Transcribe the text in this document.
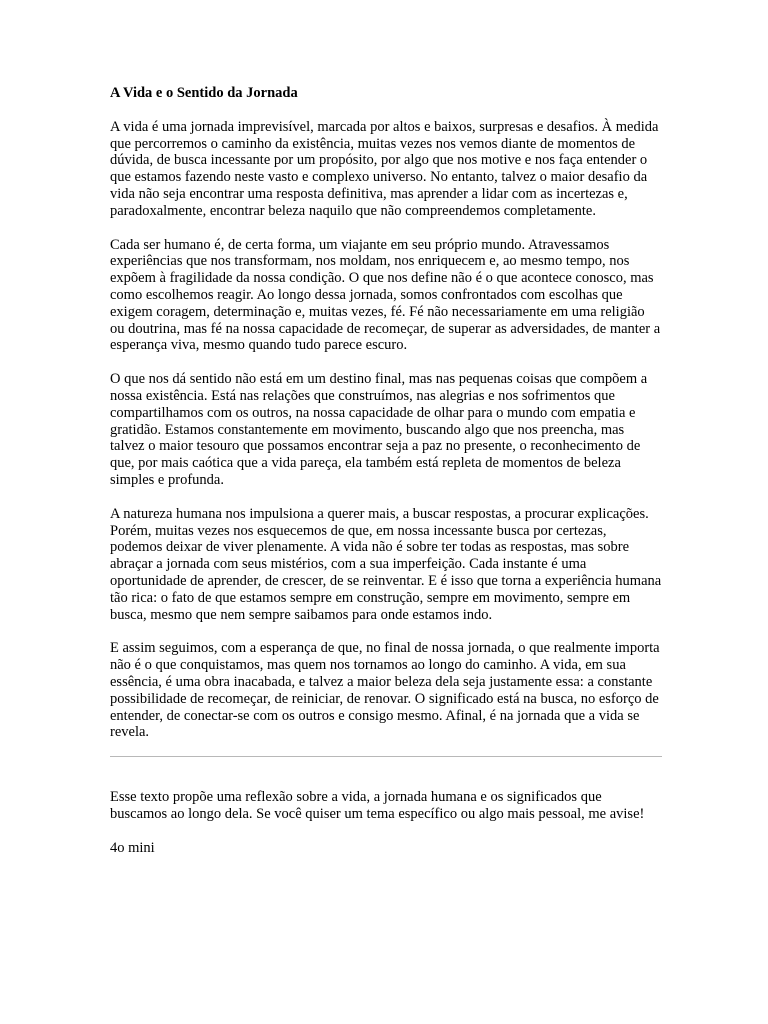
A Vida e o Sentido da Jornada

A vida é uma jornada imprevisível, marcada por altos e baixos, surpresas e desafios. À medida que percorremos o caminho da existência, muitas vezes nos vemos diante de momentos de dúvida, de busca incessante por um propósito, por algo que nos motive e nos faça entender o que estamos fazendo neste vasto e complexo universo. No entanto, talvez o maior desafio da vida não seja encontrar uma resposta definitiva, mas aprender a lidar com as incertezas e, paradoxalmente, encontrar beleza naquilo que não compreendemos completamente.

Cada ser humano é, de certa forma, um viajante em seu próprio mundo. Atravessamos experiências que nos transformam, nos moldam, nos enriquecem e, ao mesmo tempo, nos expõem à fragilidade da nossa condição. O que nos define não é o que acontece conosco, mas como escolhemos reagir. Ao longo dessa jornada, somos confrontados com escolhas que exigem coragem, determinação e, muitas vezes, fé. Fé não necessariamente em uma religião ou doutrina, mas fé na nossa capacidade de recomeçar, de superar as adversidades, de manter a esperança viva, mesmo quando tudo parece escuro.

O que nos dá sentido não está em um destino final, mas nas pequenas coisas que compõem a nossa existência. Está nas relações que construímos, nas alegrias e nos sofrimentos que compartilhamos com os outros, na nossa capacidade de olhar para o mundo com empatia e gratidão. Estamos constantemente em movimento, buscando algo que nos preencha, mas talvez o maior tesouro que possamos encontrar seja a paz no presente, o reconhecimento de que, por mais caótica que a vida pareça, ela também está repleta de momentos de beleza simples e profunda.

A natureza humana nos impulsiona a querer mais, a buscar respostas, a procurar explicações. Porém, muitas vezes nos esquecemos de que, em nossa incessante busca por certezas, podemos deixar de viver plenamente. A vida não é sobre ter todas as respostas, mas sobre abraçar a jornada com seus mistérios, com a sua imperfeição. Cada instante é uma oportunidade de aprender, de crescer, de se reinventar. E é isso que torna a experiência humana tão rica: o fato de que estamos sempre em construção, sempre em movimento, sempre em busca, mesmo que nem sempre saibamos para onde estamos indo.

E assim seguimos, com a esperança de que, no final de nossa jornada, o que realmente importa não é o que conquistamos, mas quem nos tornamos ao longo do caminho. A vida, em sua essência, é uma obra inacabada, e talvez a maior beleza dela seja justamente essa: a constante possibilidade de recomeçar, de reiniciar, de renovar. O significado está na busca, no esforço de entender, de conectar-se com os outros e consigo mesmo. Afinal, é na jornada que a vida se revela.

Esse texto propõe uma reflexão sobre a vida, a jornada humana e os significados que buscamos ao longo dela. Se você quiser um tema específico ou algo mais pessoal, me avise!

4o mini
